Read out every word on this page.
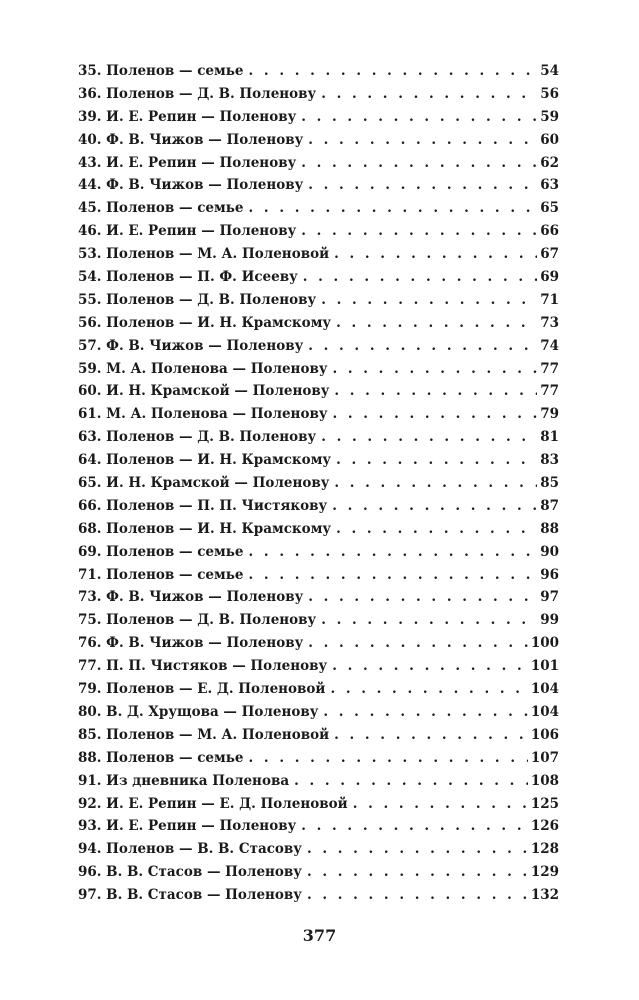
35. Поленов — семье . . .	54
36. Поленов — Д. В. Поленову . . .	56
39. И. Е. Репин — Поленову . . .	59
40. Ф. В. Чижов — Поленову . . .	60
43. И. Е. Репин — Поленову . . .	62
44. Ф. В. Чижов — Поленову . . .	63
45. Поленов — семье . . .	65
46. И. Е. Репин — Поленову . . .	66
53. Поленов — М. А. Поленовой . . .	67
54. Поленов — П. Ф. Исееву . . .	69
55. Поленов — Д. В. Поленову . . .	71
56. Поленов — И. Н. Крамскому . . .	73
57. Ф. В. Чижов — Поленову . . .	74
59. М. А. Поленова — Поленову . . .	77
60. И. Н. Крамской — Поленову . . .	77
61. М. А. Поленова — Поленову . . .	79
63. Поленов — Д. В. Поленову . . .	81
64. Поленов — И. Н. Крамскому . . .	83
65. И. Н. Крамской — Поленову . . .	85
66. Поленов — П. П. Чистякову . . .	87
68. Поленов — И. Н. Крамскому . . .	88
69. Поленов — семье . . .	90
71. Поленов — семье . . .	96
73. Ф. В. Чижов — Поленову . . .	97
75. Поленов — Д. В. Поленову . . .	99
76. Ф. В. Чижов — Поленову . . .	100
77. П. П. Чистяков — Поленову . . .	101
79. Поленов — Е. Д. Поленовой . . .	104
80. В. Д. Хрущова — Поленову . . .	104
85. Поленов — М. А. Поленовой . . .	106
88. Поленов — семье . . .	107
91. Из дневника Поленова . . .	108
92. И. Е. Репин — Е. Д. Поленовой . . .	125
93. И. Е. Репин — Поленову . . .	126
94. Поленов — В. В. Стасову . . .	128
96. В. В. Стасов — Поленову . . .	129
97. В. В. Стасов — Поленову . . .	132
377
